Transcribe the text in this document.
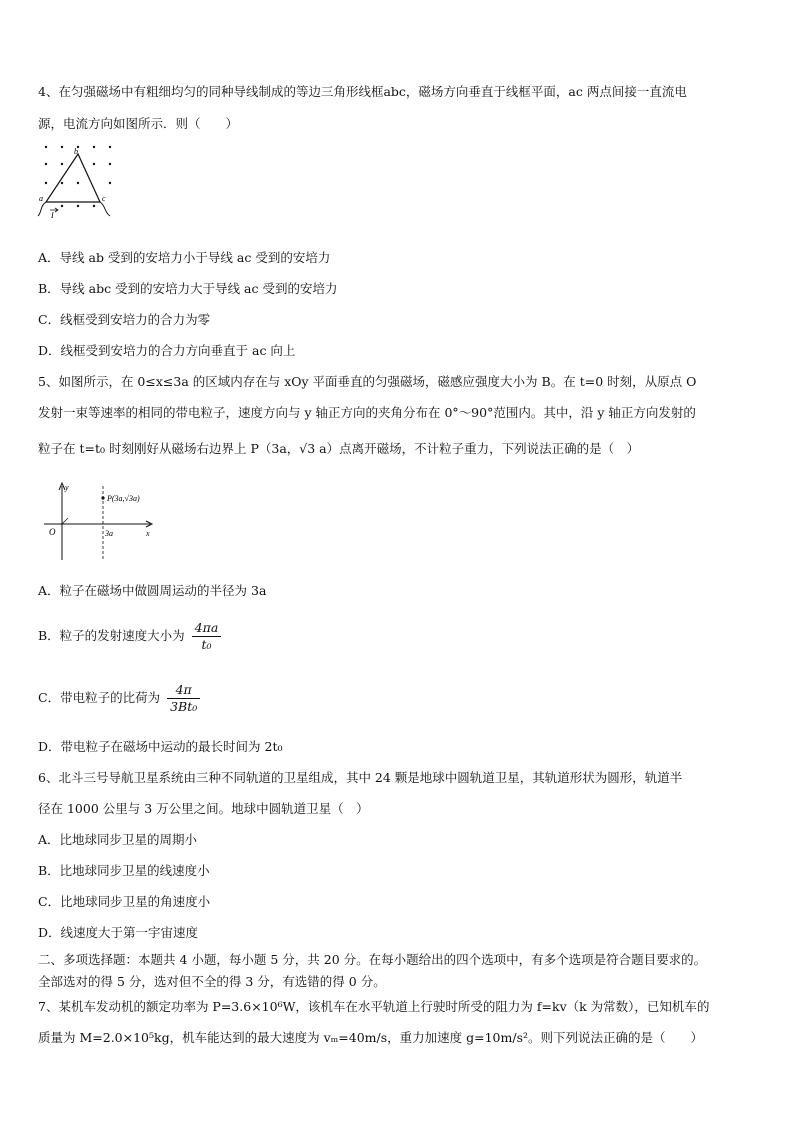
4、在匀强磁场中有粗细均匀的同种导线制成的等边三角形线框abc，磁场方向垂直于线框平面，ac 两点间接一直流电
源，电流方向如图所示．则（　　）
b
a	c
I
A．导线 ab 受到的安培力小于导线 ac 受到的安培力
B．导线 abc 受到的安培力大于导线 ac 受到的安培力
C．线框受到安培力的合力为零
D．线框受到安培力的合力方向垂直于 ac 向上
5、如图所示，在 0≤x≤3a 的区域内存在与 xOy 平面垂直的匀强磁场，磁感应强度大小为 B。在 t=0 时刻，从原点 O
发射一束等速率的相同的带电粒子，速度方向与 y 轴正方向的夹角分布在 0°～90°范围内。其中，沿 y 轴正方向发射的
粒子在 t=t₀ 时刻刚好从磁场右边界上 P（3a，√3 a）点离开磁场，不计粒子重力，下列说法正确的是（　）
y
x
O	3a
P(3a,√3a)
A．粒子在磁场中做圆周运动的半径为 3a
B．粒子的发射速度大小为 $\frac{4\pi a}{\text{t₀}}$
C．带电粒子的比荷为 $\frac{4\pi}{\text{3Bt₀}}$
D．带电粒子在磁场中运动的最长时间为 2t₀
6、北斗三号导航卫星系统由三种不同轨道的卫星组成，其中 24 颗是地球中圆轨道卫星，其轨道形状为圆形，轨道半
径在 1000 公里与 3 万公里之间。地球中圆轨道卫星（　）
A．比地球同步卫星的周期小
B．比地球同步卫星的线速度小
C．比地球同步卫星的角速度小
D．线速度大于第一宇宙速度
二、多项选择题：本题共 4 小题，每小题 5 分，共 20 分。在每小题给出的四个选项中，有多个选项是符合题目要求的。
全部选对的得 5 分，选对但不全的得 3 分，有选错的得 0 分。
7、某机车发动机的额定功率为 P=3.6×10⁶W，该机车在水平轨道上行驶时所受的阻力为 f=kv（k 为常数），已知机车的
质量为 M=2.0×10⁵kg，机车能达到的最大速度为 vₘ=40m/s，重力加速度 g=10m/s²。则下列说法正确的是（　　）
